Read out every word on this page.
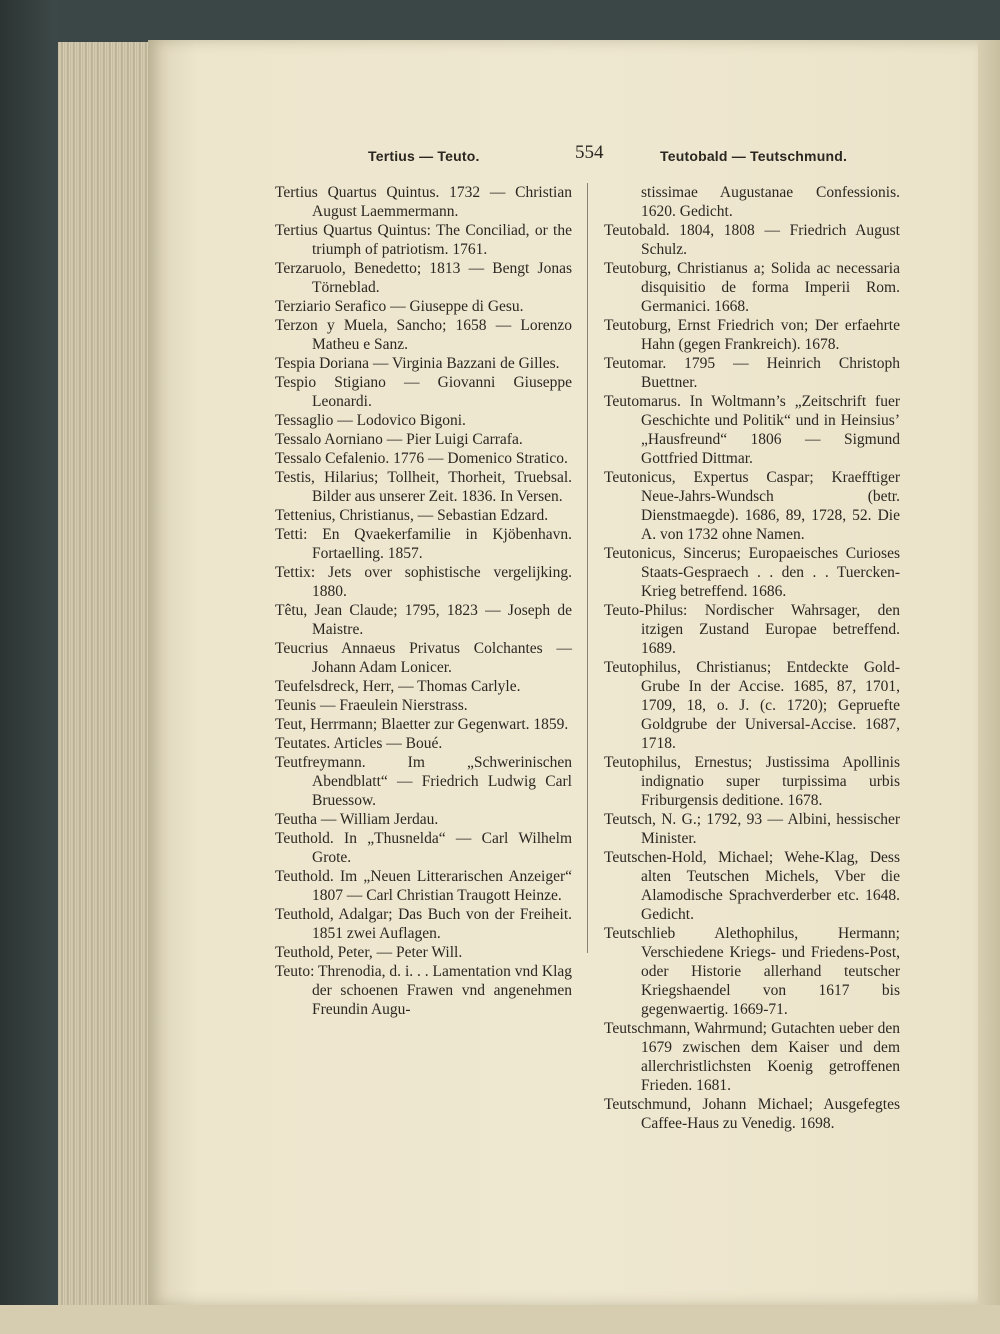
Tertius — Teuto.	554	Teutobald — Teutschmund.

Tertius Quartus Quintus. 1732 — Christian August Laemmermann.

Tertius Quartus Quintus: The Conciliad, or the triumph of patriotism. 1761.

Terzaruolo, Benedetto; 1813 — Bengt Jonas Törneblad.

Terziario Serafico — Giuseppe di Gesu.

Terzon y Muela, Sancho; 1658 — Lorenzo Matheu e Sanz.

Tespia Doriana — Virginia Bazzani de Gilles.

Tespio Stigiano — Giovanni Giuseppe Leonardi.

Tessaglio — Lodovico Bigoni.

Tessalo Aorniano — Pier Luigi Carrafa.

Tessalo Cefalenio. 1776 — Domenico Stratico.

Testis, Hilarius; Tollheit, Thorheit, Truebsal. Bilder aus unserer Zeit. 1836. In Versen.

Tettenius, Christianus, — Sebastian Edzard.

Tetti: En Qvaekerfamilie in Kjöbenhavn. Fortaelling. 1857.

Tettix: Jets over sophistische vergelijking. 1880.

Têtu, Jean Claude; 1795, 1823 — Joseph de Maistre.

Teucrius Annaeus Privatus Colchantes — Johann Adam Lonicer.

Teufelsdreck, Herr, — Thomas Carlyle.

Teunis — Fraeulein Nierstrass.

Teut, Herrmann; Blaetter zur Gegenwart. 1859.

Teutates. Articles — Boué.

Teutfreymann. Im „Schwerinischen Abendblatt“ — Friedrich Ludwig Carl Bruessow.

Teutha — William Jerdau.

Teuthold. In „Thusnelda“ — Carl Wilhelm Grote.

Teuthold. Im „Neuen Litterarischen Anzeiger“ 1807 — Carl Christian Traugott Heinze.

Teuthold, Adalgar; Das Buch von der Freiheit. 1851 zwei Auflagen.

Teuthold, Peter, — Peter Will.

Teuto: Threnodia, d. i. . . Lamentation vnd Klag der schoenen Frawen vnd angenehmen Freundin Augu-

stissimae Augustanae Confessionis. 1620. Gedicht.

Teutobald. 1804, 1808 — Friedrich August Schulz.

Teutoburg, Christianus a; Solida ac necessaria disquisitio de forma Imperii Rom. Germanici. 1668.

Teutoburg, Ernst Friedrich von; Der erfaehrte Hahn (gegen Frankreich). 1678.

Teutomar. 1795 — Heinrich Christoph Buettner.

Teutomarus. In Woltmann’s „Zeitschrift fuer Geschichte und Politik“ und in Heinsius’ „Hausfreund“ 1806 — Sigmund Gottfried Dittmar.

Teutonicus, Expertus Caspar; Kraefftiger Neue-Jahrs-Wundsch (betr. Dienstmaegde). 1686, 89, 1728, 52. Die A. von 1732 ohne Namen.

Teutonicus, Sincerus; Europaeisches Curioses Staats-Gespraech . . den . . Tuercken-Krieg betreffend. 1686.

Teuto-Philus: Nordischer Wahrsager, den itzigen Zustand Europae betreffend. 1689.

Teutophilus, Christianus; Entdeckte Gold-Grube In der Accise. 1685, 87, 1701, 1709, 18, o. J. (c. 1720); Gepruefte Goldgrube der Universal-Accise. 1687, 1718.

Teutophilus, Ernestus; Justissima Apollinis indignatio super turpissima urbis Friburgensis deditione. 1678.

Teutsch, N. G.; 1792, 93 — Albini, hessischer Minister.

Teutschen-Hold, Michael; Wehe-Klag, Dess alten Teutschen Michels, Vber die Alamodische Sprachverderber etc. 1648. Gedicht.

Teutschlieb Alethophilus, Hermann; Verschiedene Kriegs- und Friedens-Post, oder Historie allerhand teutscher Kriegshaendel von 1617 bis gegenwaertig. 1669-71.

Teutschmann, Wahrmund; Gutachten ueber den 1679 zwischen dem Kaiser und dem allerchristlichsten Koenig getroffenen Frieden. 1681.

Teutschmund, Johann Michael; Ausgefegtes Caffee-Haus zu Venedig. 1698.
